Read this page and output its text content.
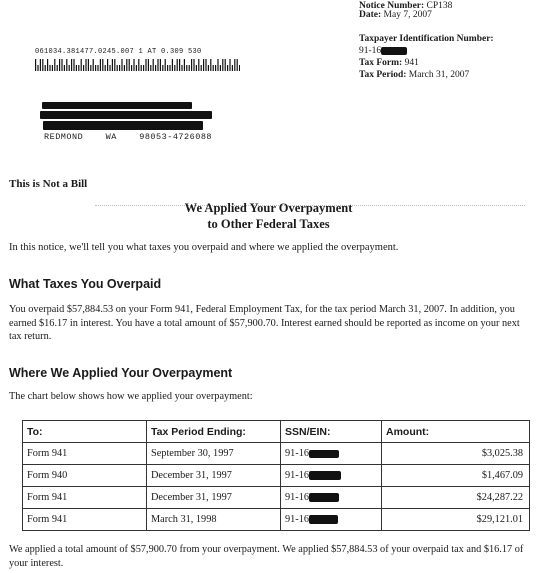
Notice Number: CP138
Date: May 7, 2007
Taxpayer Identification Number:
91-16
Tax Form: 941
Tax Period: March 31, 2007
061034.381477.0245.007 1 AT 0.309 530
REDMOND    WA    98053-4726088
This is Not a Bill
We Applied Your Overpayment
to Other Federal Taxes
In this notice, we'll tell you what taxes you overpaid and where we applied the overpayment.
What Taxes You Overpaid
You overpaid $57,884.53 on your Form 941, Federal Employment Tax, for the tax period March 31, 2007. In addition, you earned $16.17 in interest. You have a total amount of $57,900.70. Interest earned should be reported as income on your next tax return.
Where We Applied Your Overpayment
The chart below shows how we applied your overpayment:
To:	Tax Period Ending:	SSN/EIN:	Amount:
Form 941	September 30, 1997	91-16	$3,025.38
Form 940	December 31, 1997	91-16	$1,467.09
Form 941	December 31, 1997	91-16	$24,287.22
Form 941	March 31, 1998	91-16	$29,121.01
We applied a total amount of $57,900.70 from your overpayment. We applied $57,884.53 of your overpaid tax and $16.17 of your interest.
